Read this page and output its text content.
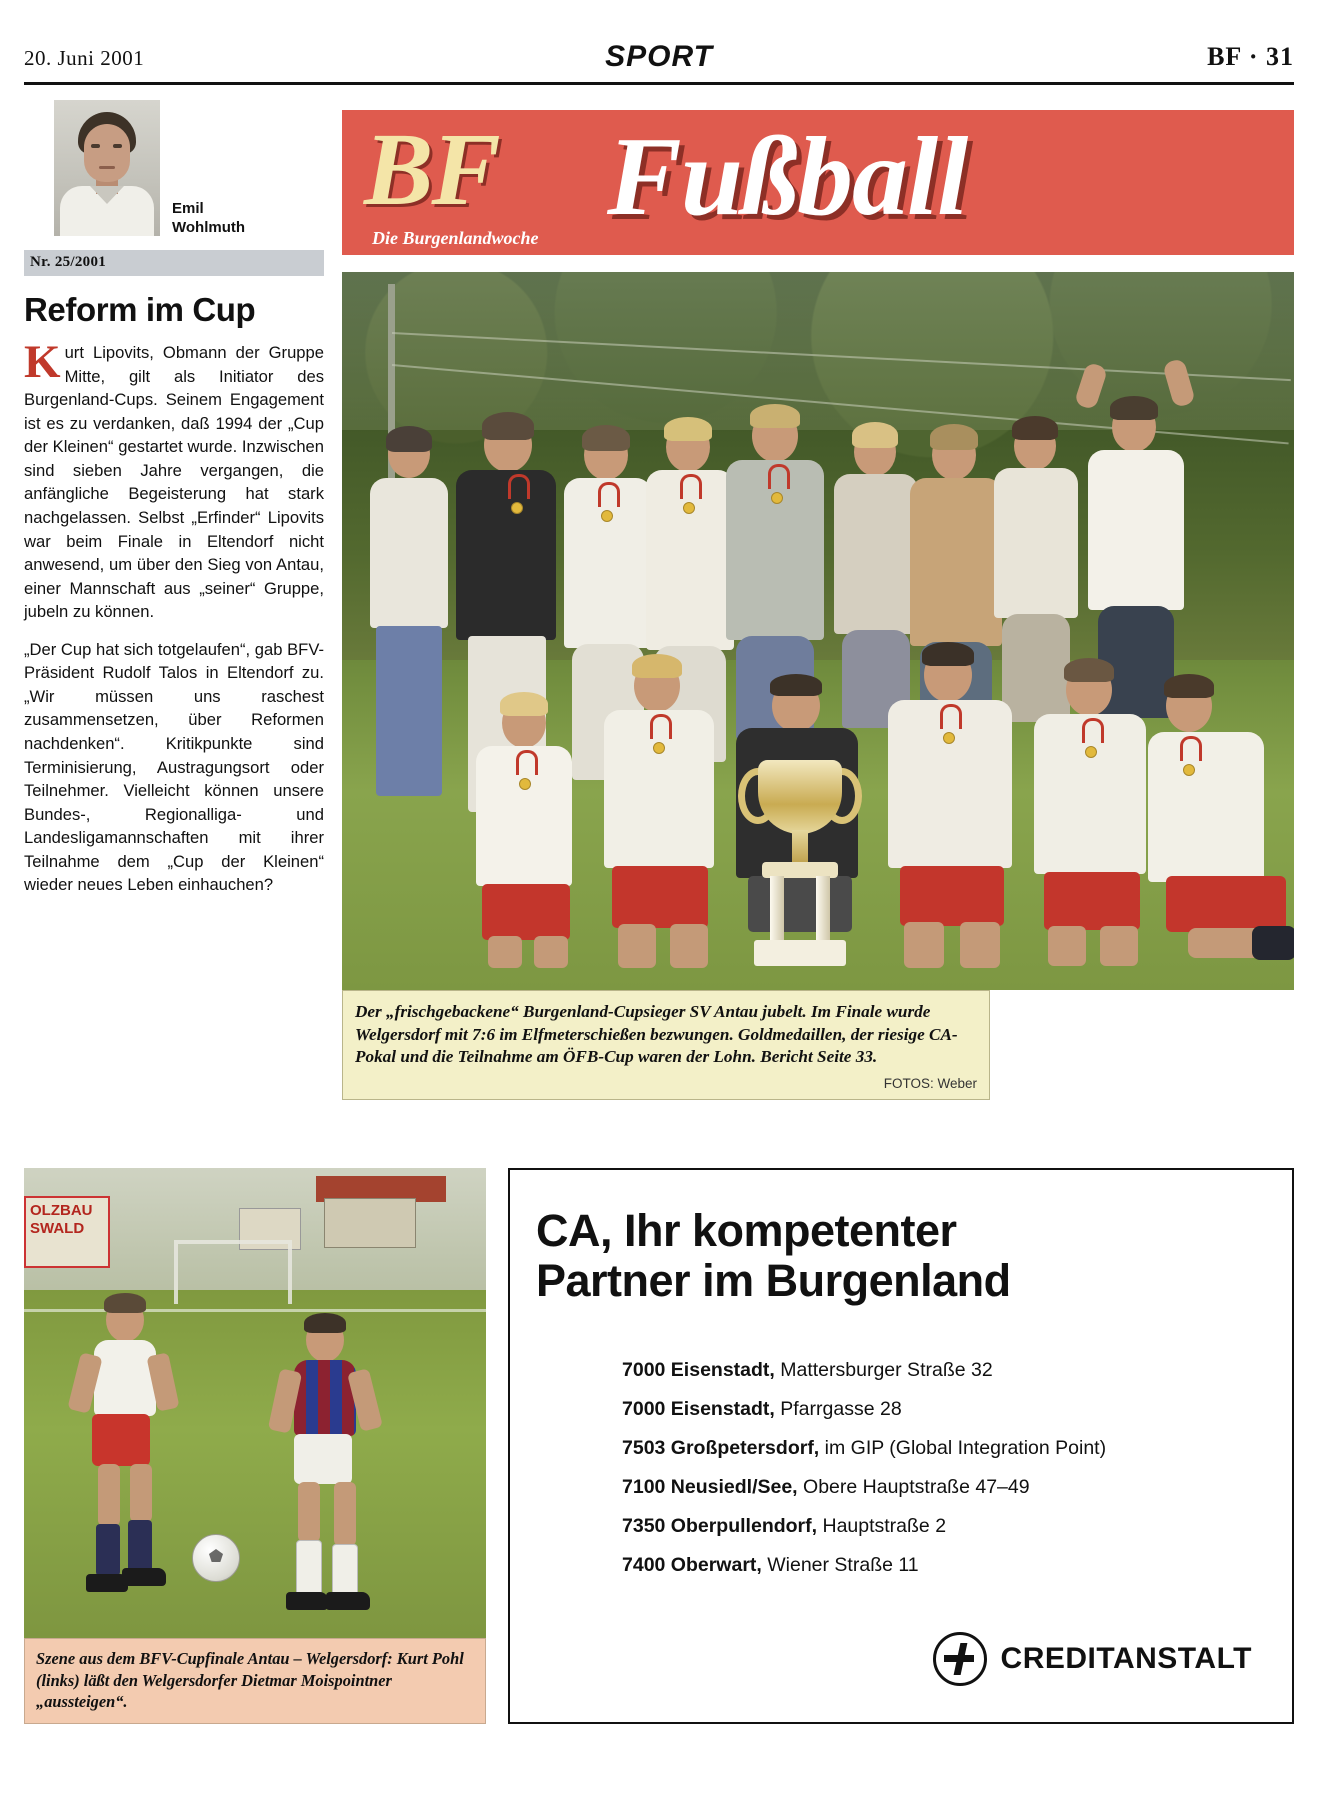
20. Juni 2001	SPORT	BF · 31
Emil
Wohlmuth
Nr. 25/2001
Reform im Cup

Kurt Lipovits, Obmann der Gruppe Mitte, gilt als Initiator des Burgenland-Cups. Seinem Engagement ist es zu verdanken, daß 1994 der „Cup der Kleinen“ gestartet wurde. Inzwischen sind sieben Jahre vergangen, die anfängliche Begeisterung hat stark nachgelassen. Selbst „Erfinder“ Lipovits war beim Finale in Eltendorf nicht anwesend, um über den Sieg von Antau, einer Mannschaft aus „seiner“ Gruppe, jubeln zu können.

„Der Cup hat sich totgelaufen“, gab BFV-Präsident Rudolf Talos in Eltendorf zu. „Wir müssen uns raschest zusammensetzen, über Reformen nachdenken“. Kritikpunkte sind Terminisierung, Austragungsort oder Teilnehmer. Vielleicht können unsere Bundes-, Regionalliga- und Landesligamannschaften mit ihrer Teilnahme dem „Cup der Kleinen“ wieder neues Leben einhauchen?

BF
Die Burgenlandwoche Fußball
Der „frischgebackene“ Burgenland-Cupsieger SV Antau jubelt. Im Finale wurde Welgersdorf mit 7:6 im Elfmeterschießen bezwungen. Goldmedaillen, der riesige CA-Pokal und die Teilnahme am ÖFB-Cup waren der Lohn. Bericht Seite 33.
FOTOS: Weber
OLZBAU SWALD
Szene aus dem BFV-Cupfinale Antau – Welgersdorf: Kurt Pohl (links) läßt den Welgersdorfer Dietmar Moispointner „aussteigen“.
CA, Ihr kompetenter
Partner im Burgenland
7000 Eisenstadt, Mattersburger Straße 32
7000 Eisenstadt, Pfarrgasse 28
7503 Großpetersdorf, im GIP (Global Integration Point)
7100 Neusiedl/See, Obere Hauptstraße 47–49
7350 Oberpullendorf, Hauptstraße 2
7400 Oberwart, Wiener Straße 11
CREDITANSTALT
